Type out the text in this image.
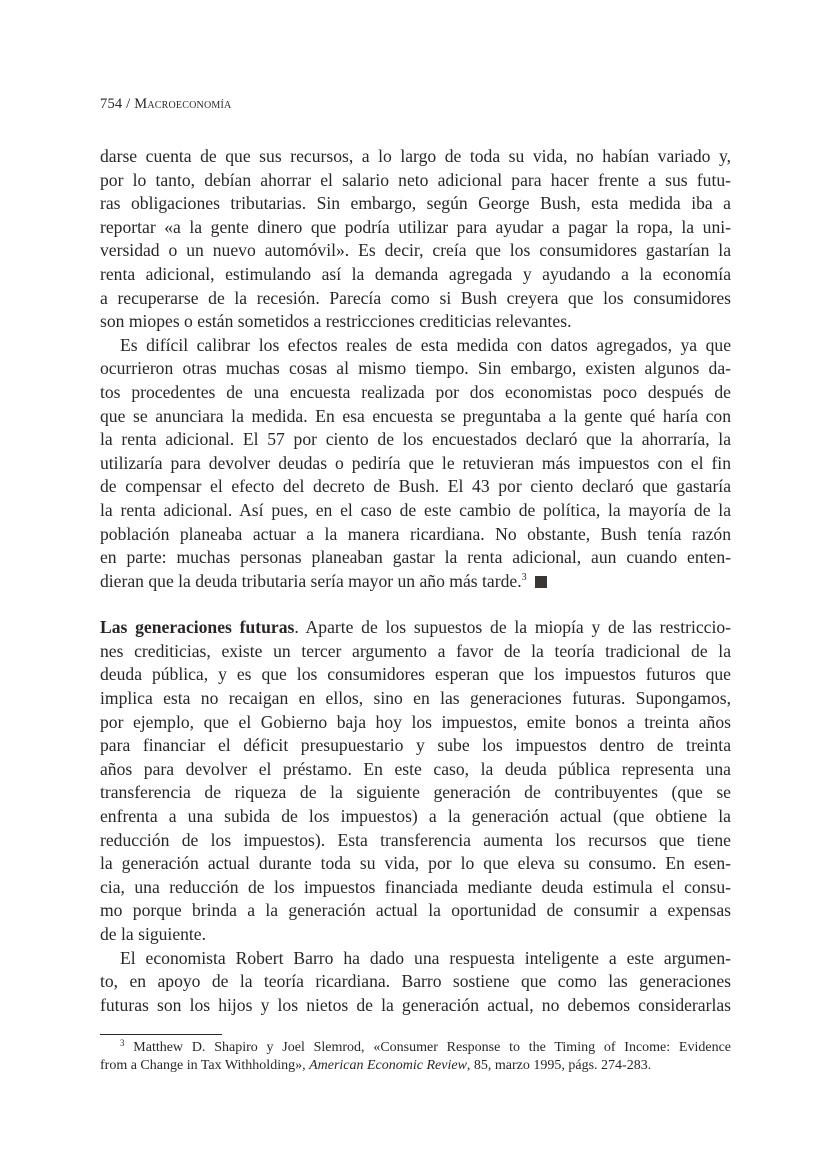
754 / Macroeconomía
darse cuenta de que sus recursos, a lo largo de toda su vida, no habían variado y,
por lo tanto, debían ahorrar el salario neto adicional para hacer frente a sus futu-
ras obligaciones tributarias. Sin embargo, según George Bush, esta medida iba a
reportar «a la gente dinero que podría utilizar para ayudar a pagar la ropa, la uni-
versidad o un nuevo automóvil». Es decir, creía que los consumidores gastarían la
renta adicional, estimulando así la demanda agregada y ayudando a la economía
a recuperarse de la recesión. Parecía como si Bush creyera que los consumidores
son miopes o están sometidos a restricciones crediticias relevantes.
Es difícil calibrar los efectos reales de esta medida con datos agregados, ya que
ocurrieron otras muchas cosas al mismo tiempo. Sin embargo, existen algunos da-
tos procedentes de una encuesta realizada por dos economistas poco después de
que se anunciara la medida. En esa encuesta se preguntaba a la gente qué haría con
la renta adicional. El 57 por ciento de los encuestados declaró que la ahorraría, la
utilizaría para devolver deudas o pediría que le retuvieran más impuestos con el fin
de compensar el efecto del decreto de Bush. El 43 por ciento declaró que gastaría
la renta adicional. Así pues, en el caso de este cambio de política, la mayoría de la
población planeaba actuar a la manera ricardiana. No obstante, Bush tenía razón
en parte: muchas personas planeaban gastar la renta adicional, aun cuando enten-
dieran que la deuda tributaria sería mayor un año más tarde.$^3$
Las generaciones futuras. Aparte de los supuestos de la miopía y de las restriccio-
nes crediticias, existe un tercer argumento a favor de la teoría tradicional de la
deuda pública, y es que los consumidores esperan que los impuestos futuros que
implica esta no recaigan en ellos, sino en las generaciones futuras. Supongamos,
por ejemplo, que el Gobierno baja hoy los impuestos, emite bonos a treinta años
para financiar el déficit presupuestario y sube los impuestos dentro de treinta
años para devolver el préstamo. En este caso, la deuda pública representa una
transferencia de riqueza de la siguiente generación de contribuyentes (que se
enfrenta a una subida de los impuestos) a la generación actual (que obtiene la
reducción de los impuestos). Esta transferencia aumenta los recursos que tiene
la generación actual durante toda su vida, por lo que eleva su consumo. En esen-
cia, una reducción de los impuestos financiada mediante deuda estimula el consu-
mo porque brinda a la generación actual la oportunidad de consumir a expensas
de la siguiente.
El economista Robert Barro ha dado una respuesta inteligente a este argumen-
to, en apoyo de la teoría ricardiana. Barro sostiene que como las generaciones
futuras son los hijos y los nietos de la generación actual, no debemos considerarlas
$^3$ Matthew D. Shapiro y Joel Slemrod, «Consumer Response to the Timing of Income: Evidence
from a Change in Tax Withholding», American Economic Review, 85, marzo 1995, págs. 274-283.
